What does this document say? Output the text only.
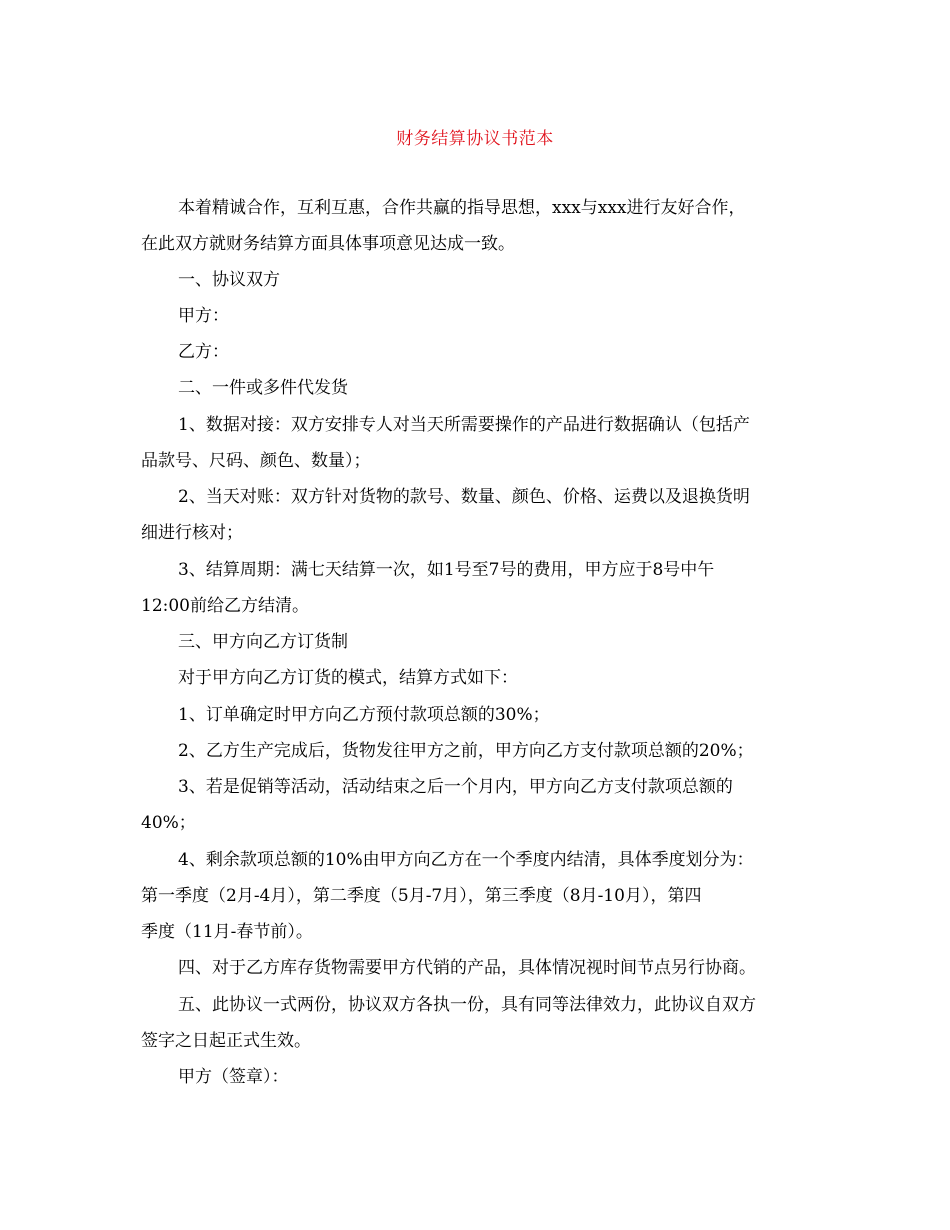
财务结算协议书范本
本着精诚合作，互利互惠，合作共赢的指导思想，xxx与xxx进行友好合作，
在此双方就财务结算方面具体事项意见达成一致。
一、协议双方
甲方：
乙方：
二、一件或多件代发货
1、数据对接：双方安排专人对当天所需要操作的产品进行数据确认（包括产
品款号、尺码、颜色、数量）；
2、当天对账：双方针对货物的款号、数量、颜色、价格、运费以及退换货明
细进行核对；
3、结算周期：满七天结算一次，如1号至7号的费用，甲方应于8号中午
12:00前给乙方结清。
三、甲方向乙方订货制
对于甲方向乙方订货的模式，结算方式如下：
1、订单确定时甲方向乙方预付款项总额的30%；
2、乙方生产完成后，货物发往甲方之前，甲方向乙方支付款项总额的20%；
3、若是促销等活动，活动结束之后一个月内，甲方向乙方支付款项总额的
40%；
4、剩余款项总额的10%由甲方向乙方在一个季度内结清，具体季度划分为：
第一季度（2月-4月），第二季度（5月-7月），第三季度（8月-10月），第四
季度（11月-春节前）。
四、对于乙方库存货物需要甲方代销的产品，具体情况视时间节点另行协商。
五、此协议一式两份，协议双方各执一份，具有同等法律效力，此协议自双方
签字之日起正式生效。
甲方（签章）：
